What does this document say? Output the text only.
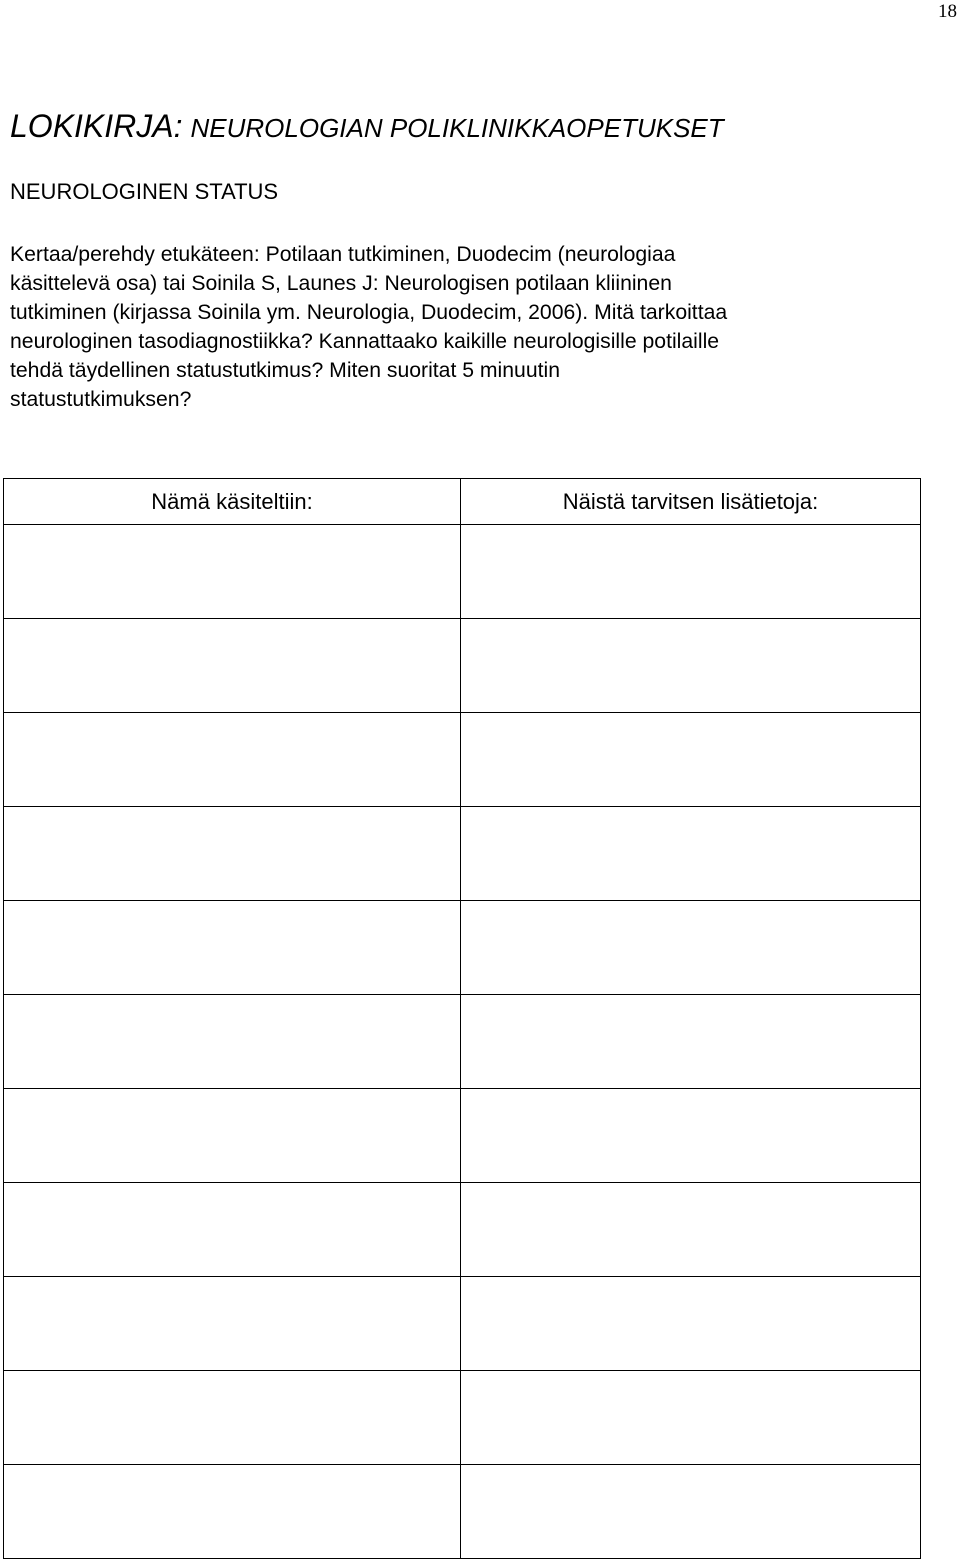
18
LOKIKIRJA: NEUROLOGIAN POLIKLINIKKAOPETUKSET
NEUROLOGINEN STATUS

Kertaa/perehdy etukäteen: Potilaan tutkiminen, Duodecim (neurologiaa
käsittelevä osa) tai Soinila S, Launes J: Neurologisen potilaan kliininen
tutkiminen (kirjassa Soinila ym. Neurologia, Duodecim, 2006). Mitä tarkoittaa
neurologinen tasodiagnostiikka? Kannattaako kaikille neurologisille potilaille
tehdä täydellinen statustutkimus? Miten suoritat 5 minuutin
statustutkimuksen?

Nämä käsiteltiin:	Näistä tarvitsen lisätietoja:
